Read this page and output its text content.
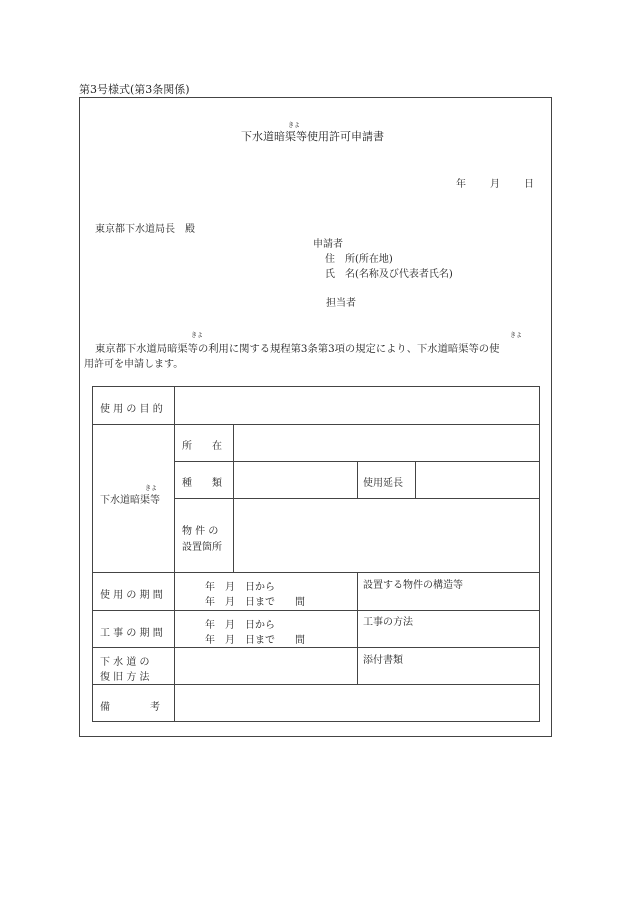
第3号様式(第3条関係)
きよ
下水道暗渠等使用許可申請書
年 月 日
東京都下水道局長　殿
申請者
住　所(所在地)
氏　名(名称及び代表者氏名)
担当者
きよ	きよ
東京都下水道局暗渠等の利用に関する規程第3条第3項の規定により、下水道暗渠等の使
用許可を申請します。
使 用 の 目 的
きよ
下水道暗渠等
所　　在
種　　類	使用延長
物 件 の
設置箇所
使 用 の 期 間
年　月　日から
年　月　日まで　　間
設置する物件の構造等
工 事 の 期 間
年　月　日から
年　月　日まで　　間
工事の方法
下 水 道 の
復 旧 方 法
添付書類
備　　　　考
